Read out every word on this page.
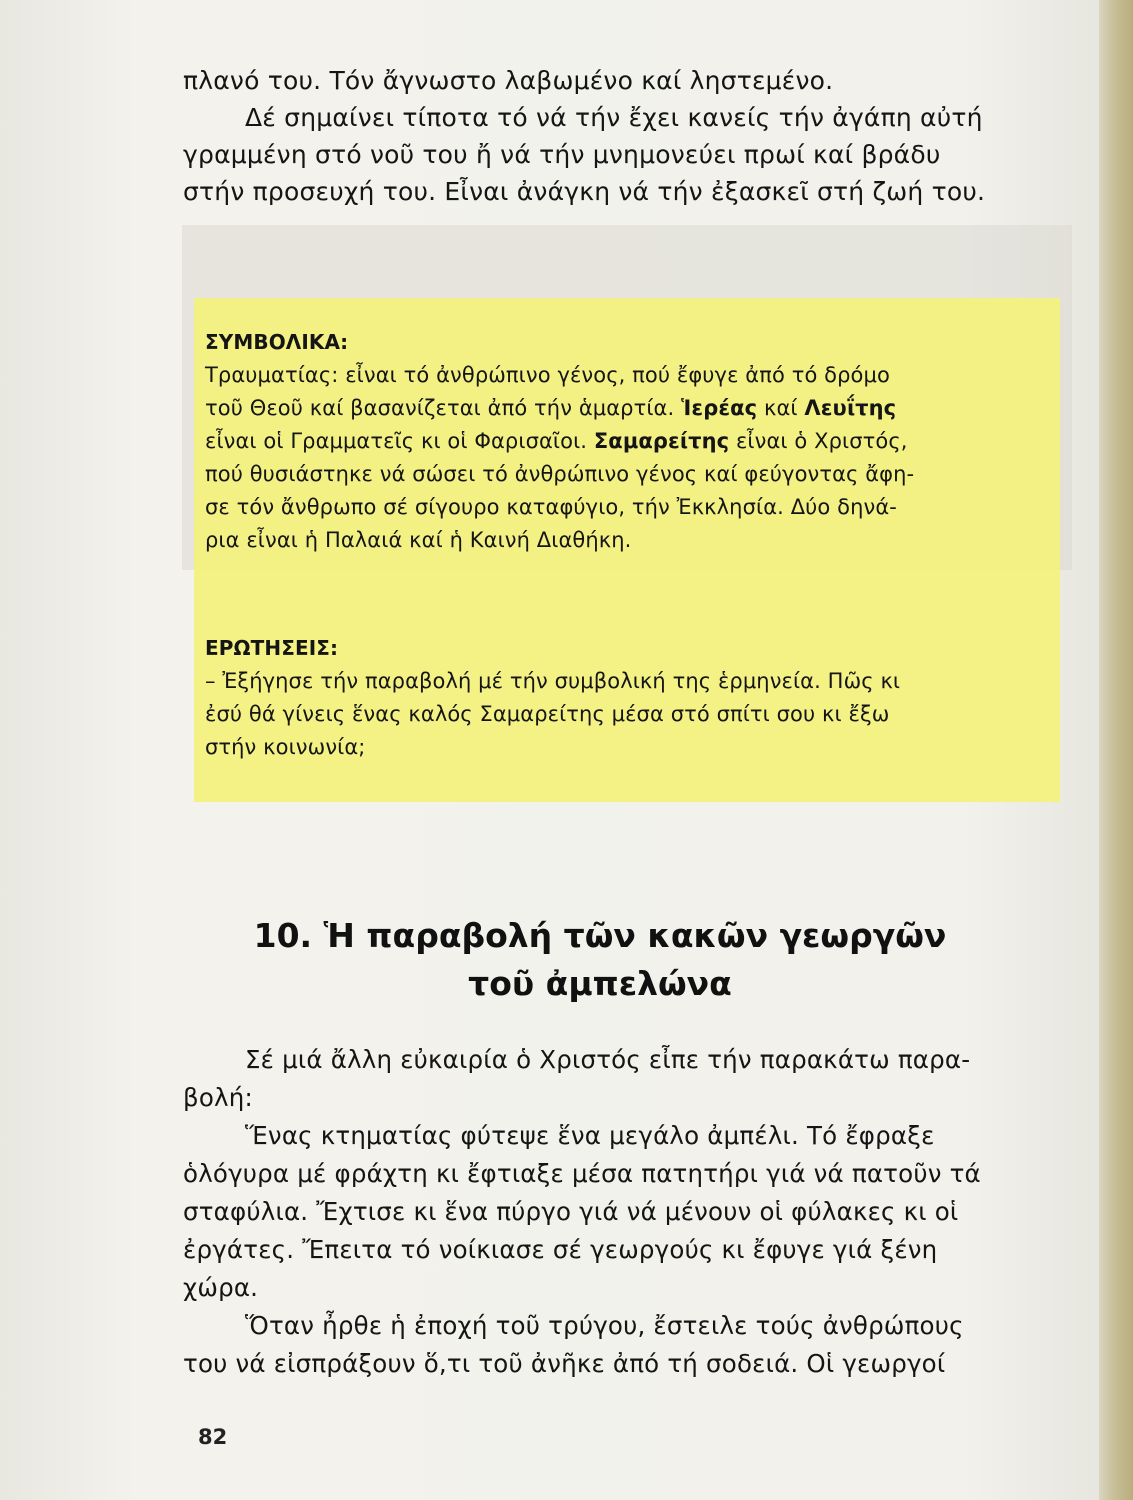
πλανό του. Τόν ἄγνωστο λαβωμένο καί ληστεμένο.
Δέ σημαίνει τίποτα τό νά τήν ἔχει κανείς τήν ἀγάπη αὐτή
γραμμένη στό νοῦ του ἤ νά τήν μνημονεύει πρωί καί βράδυ
στήν προσευχή του. Εἶναι ἀνάγκη νά τήν ἐξασκεῖ στή ζωή του.
ΣΥΜΒΟΛΙΚΑ:
Τραυματίας: εἶναι τό ἀνθρώπινο γένος, πού ἔφυγε ἀπό τό δρόμο
τοῦ Θεοῦ καί βασανίζεται ἀπό τήν ἁμαρτία. Ἱερέας καί Λευΐτης
εἶναι οἱ Γραμματεῖς κι οἱ Φαρισαῖοι. Σαμαρείτης εἶναι ὁ Χριστός,
πού θυσιάστηκε νά σώσει τό ἀνθρώπινο γένος καί φεύγοντας ἄφη-
σε τόν ἄνθρωπο σέ σίγουρο καταφύγιο, τήν Ἐκκλησία. Δύο δηνά-
ρια εἶναι ἡ Παλαιά καί ἡ Καινή Διαθήκη.
ΕΡΩΤΗΣΕΙΣ:
– Ἐξήγησε τήν παραβολή μέ τήν συμβολική της ἑρμηνεία. Πῶς κι
ἐσύ θά γίνεις ἕνας καλός Σαμαρείτης μέσα στό σπίτι σου κι ἔξω
στήν κοινωνία;
10. Ἡ παραβολή τῶν κακῶν γεωργῶν
τοῦ ἀμπελώνα
Σέ μιά ἄλλη εὐκαιρία ὁ Χριστός εἶπε τήν παρακάτω παρα-
βολή:
Ἕνας κτηματίας φύτεψε ἕνα μεγάλο ἀμπέλι. Τό ἔφραξε
ὁλόγυρα μέ φράχτη κι ἔφτιαξε μέσα πατητήρι γιά νά πατοῦν τά
σταφύλια. Ἔχτισε κι ἕνα πύργο γιά νά μένουν οἱ φύλακες κι οἱ
ἐργάτες. Ἔπειτα τό νοίκιασε σέ γεωργούς κι ἔφυγε γιά ξένη
χώρα.
Ὅταν ἦρθε ἡ ἐποχή τοῦ τρύγου, ἔστειλε τούς ἀνθρώπους
του νά εἰσπράξουν ὅ,τι τοῦ ἀνῆκε ἀπό τή σοδειά. Οἱ γεωργοί
82
